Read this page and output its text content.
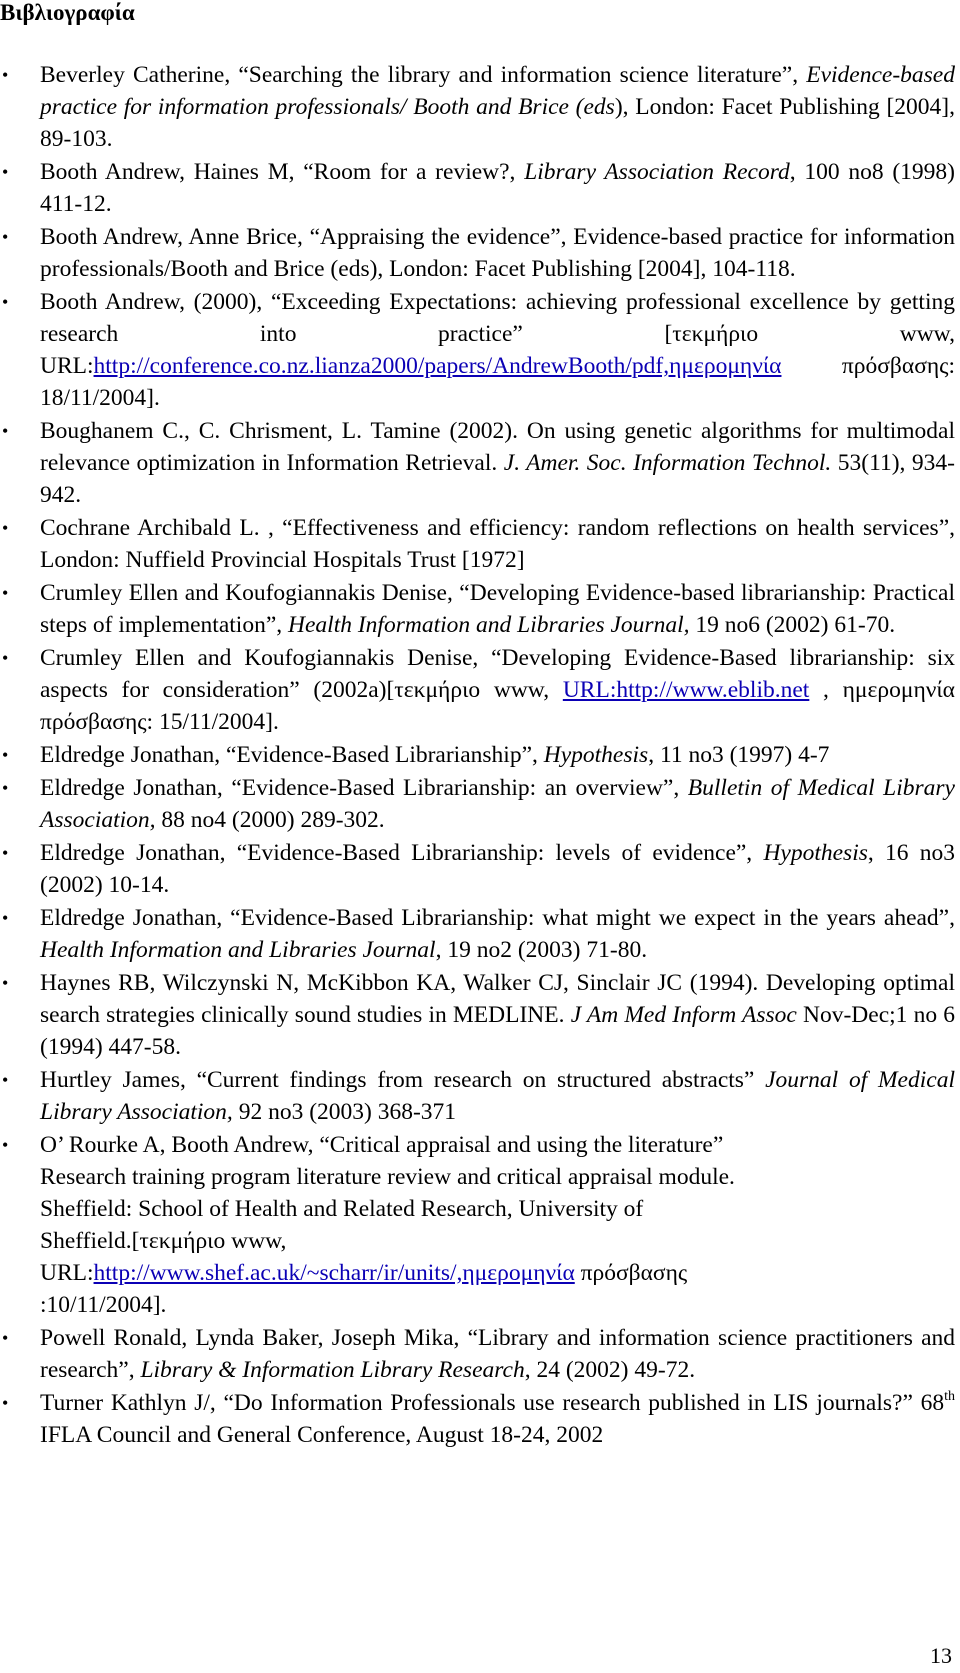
Βιβλιογραφία
• Beverley Catherine, “Searching the library and information science literature”, Evidence-based practice for information professionals/ Booth and Brice (eds), London: Facet Publishing [2004], 89-103.
• Booth Andrew, Haines M, “Room for a review?, Library Association Record, 100 no8 (1998) 411-12.
• Booth Andrew, Anne Brice, “Appraising the evidence”, Evidence-based practice for information professionals/Booth and Brice (eds), London: Facet Publishing [2004], 104-118.
• Booth Andrew, (2000), “Exceeding Expectations: achieving professional excellence by getting research into practice” [τεκμήριο www, URL:http://conference.co.nz.lianza2000/papers/AndrewBooth/pdf,ημερομηνία πρόσβασης: 18/11/2004].
• Boughanem C., C. Chrisment, L. Tamine (2002). On using genetic algorithms for multimodal relevance optimization in Information Retrieval. J. Amer. Soc. Information Technol. 53(11), 934-942.
• Cochrane Archibald L. , “Effectiveness and efficiency: random reflections on health services”, London: Nuffield Provincial Hospitals Trust [1972]
• Crumley Ellen and Koufogiannakis Denise, “Developing Evidence-based librarianship: Practical steps of implementation”, Health Information and Libraries Journal, 19 no6 (2002) 61-70.
• Crumley Ellen and Koufogiannakis Denise, “Developing Evidence-Based librarianship: six aspects for consideration” (2002a)[τεκμήριο www, URL:http://www.eblib.net , ημερομηνία πρόσβασης: 15/11/2004].
• Eldredge Jonathan, “Evidence-Based Librarianship”, Hypothesis, 11 no3 (1997) 4-7
• Eldredge Jonathan, “Evidence-Based Librarianship: an overview”, Bulletin of Medical Library Association, 88 no4 (2000) 289-302.
• Eldredge Jonathan, “Evidence-Based Librarianship: levels of evidence”, Hypothesis, 16 no3 (2002) 10-14.
• Eldredge Jonathan, “Evidence-Based Librarianship: what might we expect in the years ahead”, Health Information and Libraries Journal, 19 no2 (2003) 71-80.
• Haynes RB, Wilczynski N, McKibbon KA, Walker CJ, Sinclair JC (1994). Developing optimal search strategies clinically sound studies in MEDLINE. J Am Med Inform Assoc Nov-Dec;1 no 6 (1994) 447-58.
• Hurtley James, “Current findings from research on structured abstracts” Journal of Medical Library Association, 92 no3 (2003) 368-371
• O’ Rourke A, Booth Andrew, “Critical appraisal and using the literature”
Research training program literature review and critical appraisal module.
Sheffield: School of Health and Related Research, University of
Sheffield.[τεκμήριο www,
URL:http://www.shef.ac.uk/~scharr/ir/units/,ημερομηνία πρόσβασης
:10/11/2004].
• Powell Ronald, Lynda Baker, Joseph Mika, “Library and information science practitioners and research”, Library & Information Library Research, 24 (2002) 49-72.
• Turner Kathlyn J/, “Do Information Professionals use research published in LIS journals?” 68th IFLA Council and General Conference, August 18-24, 2002
13
